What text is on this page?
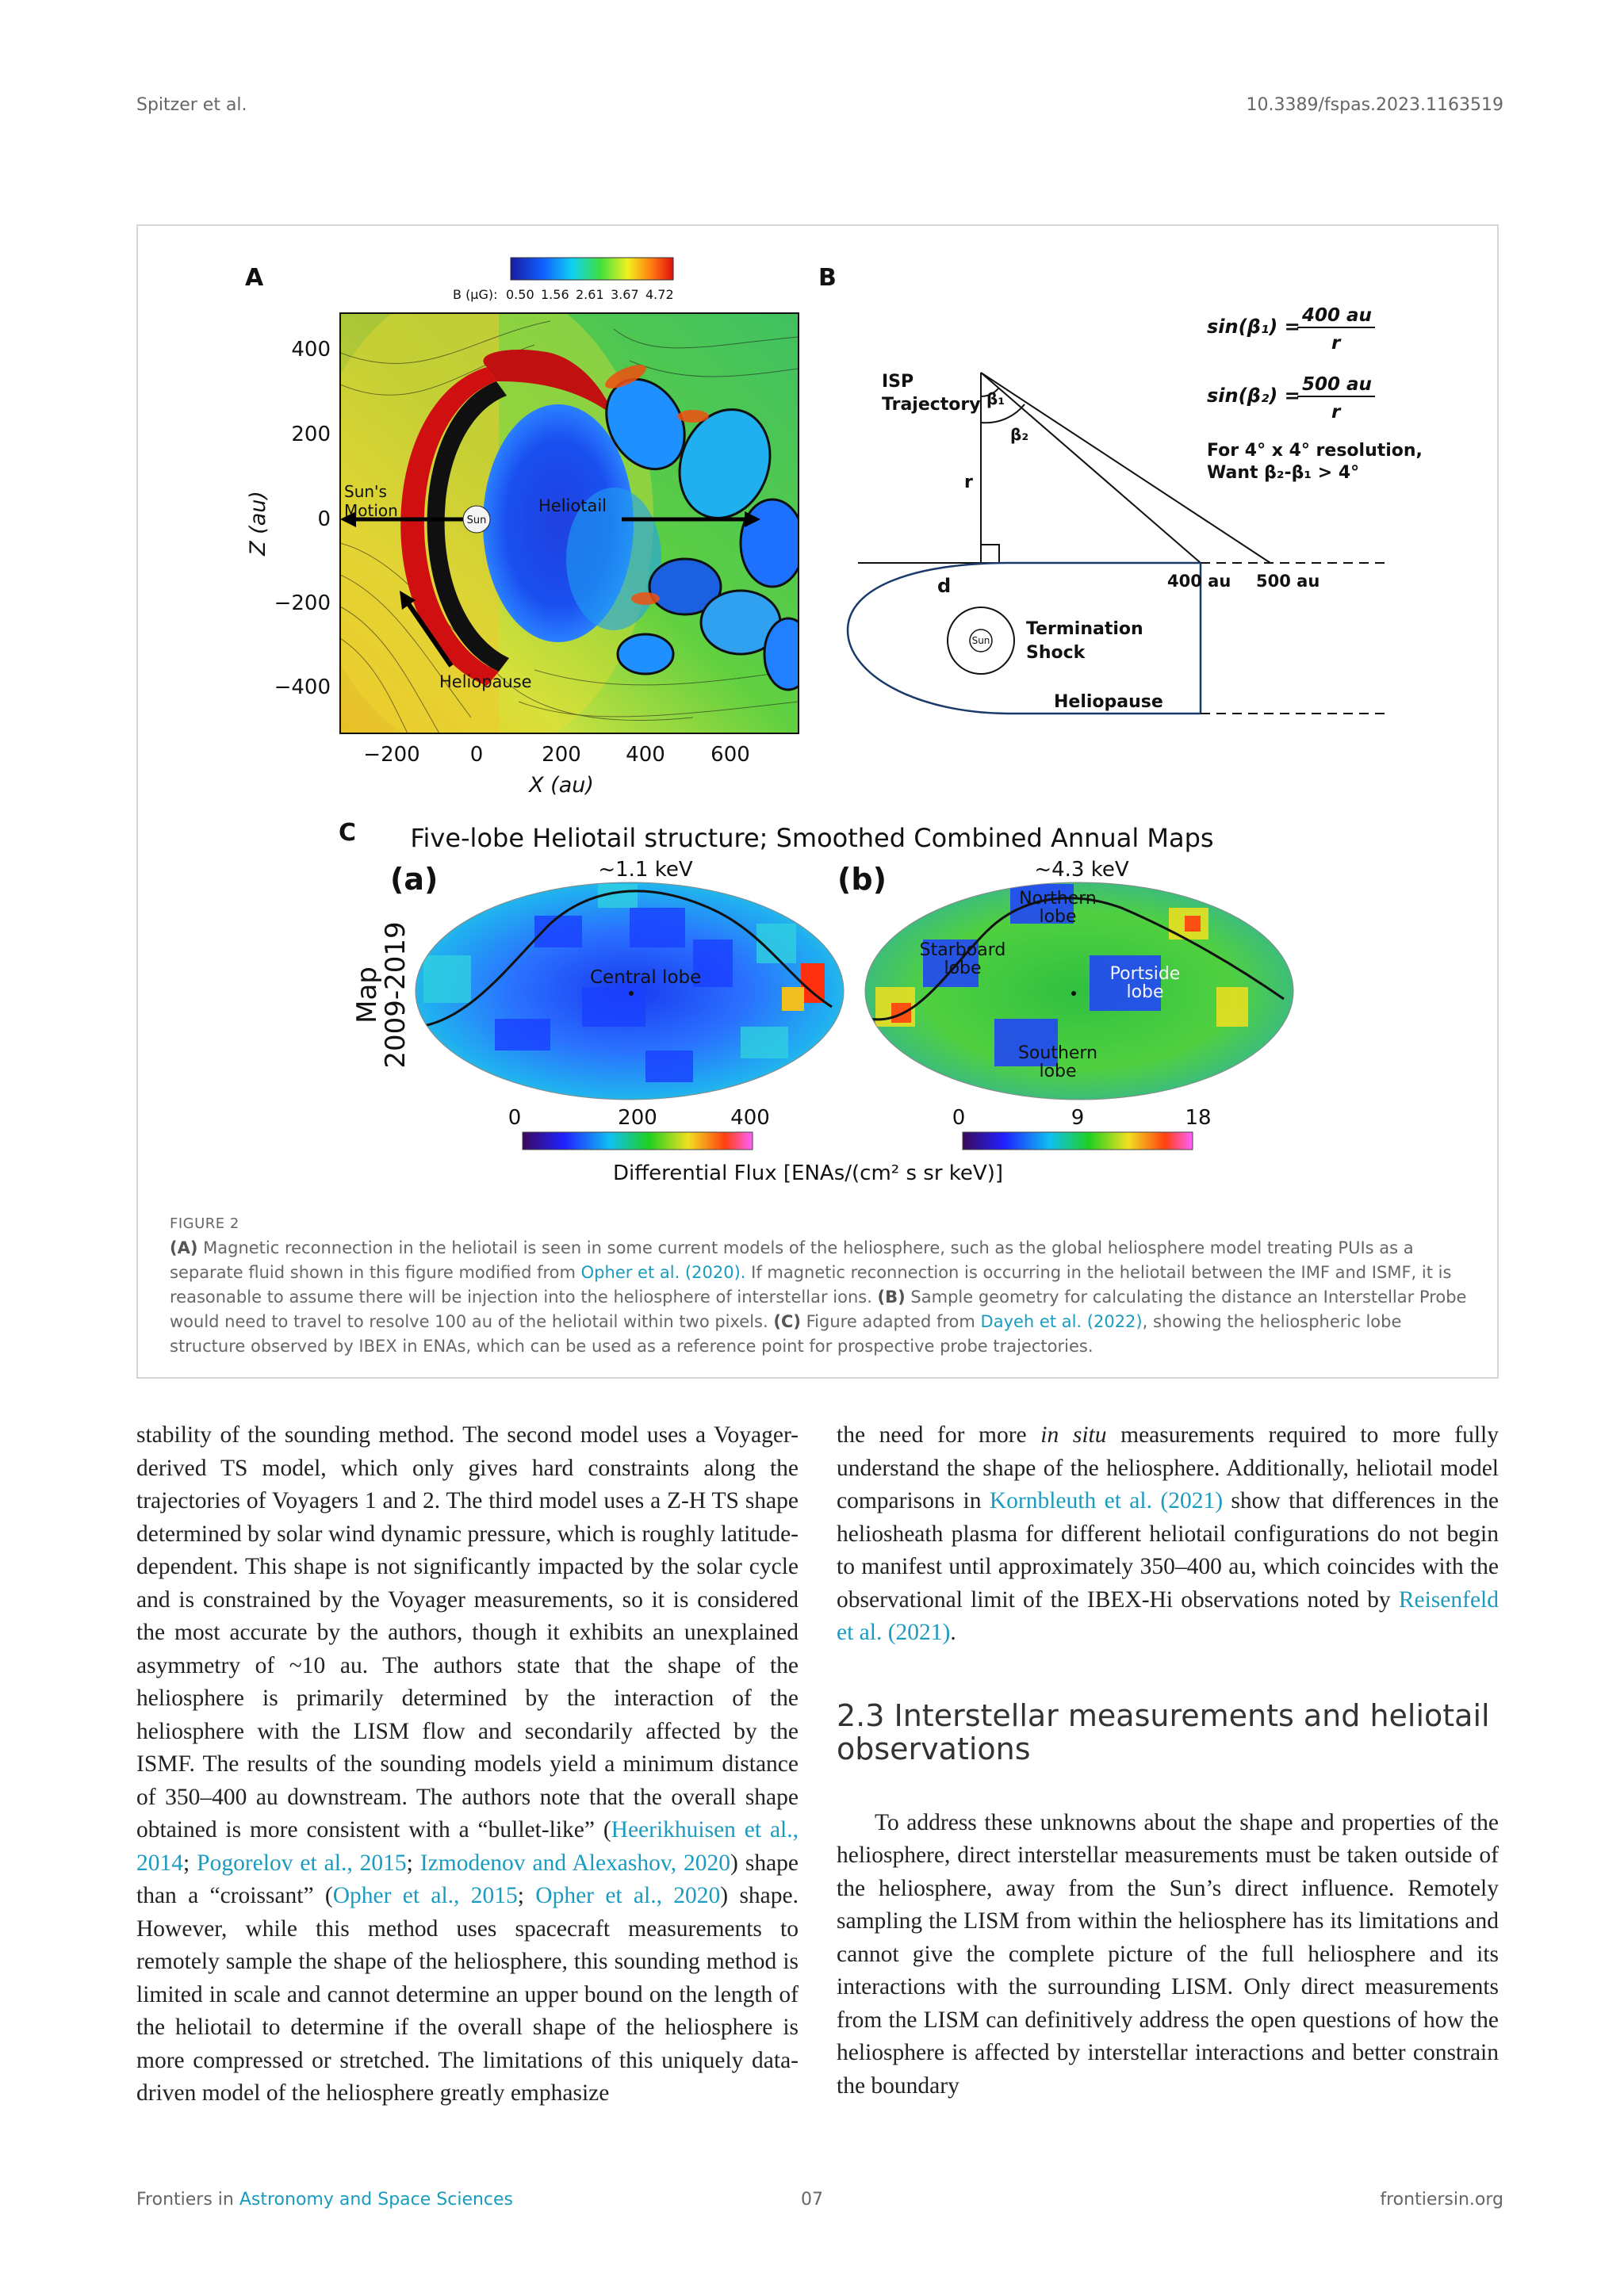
Spitzer et al.	10.3389/fspas.2023.1163519
A
B (μG): 0.50 1.56 2.61 3.67 4.72
Sun
Sun's
Motion	Heliotail
Heliopause
400
200
0
−200
−400
−200 0	200 400 600
X (au)
Z (au)
B
sin(β₁) = 400 au
r
sin(β₂) = 500 au
r
For 4° x 4° resolution,
Want β₂-β₁ > 4°
ISP
Trajectory β₁
β₂
r
d
Sun
Termination
Shock
Heliopause
400 au 500 au
C Five-lobe Heliotail structure; Smoothed Combined Annual Maps
Map
2009-2019
(a)	~1.1 keV
Central lobe
(b)	~4.3 keV
Northern
lobe
Starboard
lobe	Portside
lobe
Southern
lobe
0	200	400	0	9	18
Differential Flux [ENAs/(cm² s sr keV)]
FIGURE 2
(A) Magnetic reconnection in the heliotail is seen in some current models of the heliosphere, such as the global heliosphere model treating PUIs as a separate fluid shown in this figure modified from Opher et al. (2020). If magnetic reconnection is occurring in the heliotail between the IMF and ISMF, it is reasonable to assume there will be injection into the heliosphere of interstellar ions. (B) Sample geometry for calculating the distance an Interstellar Probe would need to travel to resolve 100 au of the heliotail within two pixels. (C) Figure adapted from Dayeh et al. (2022), showing the heliospheric lobe structure observed by IBEX in ENAs, which can be used as a reference point for prospective probe trajectories.

stability of the sounding method. The second model uses a Voyager-derived TS model, which only gives hard constraints along the trajectories of Voyagers 1 and 2. The third model uses a Z-H TS shape determined by solar wind dynamic pressure, which is roughly latitude-dependent. This shape is not significantly impacted by the solar cycle and is constrained by the Voyager measurements, so it is considered the most accurate by the authors, though it exhibits an unexplained asymmetry of ~10 au. The authors state that the shape of the heliosphere is primarily determined by the interaction of the heliosphere with the LISM flow and secondarily affected by the ISMF. The results of the sounding models yield a minimum distance of 350–400 au downstream. The authors note that the overall shape obtained is more consistent with a “bullet-like” (Heerikhuisen et al., 2014; Pogorelov et al., 2015; Izmodenov and Alexashov, 2020) shape than a “croissant” (Opher et al., 2015; Opher et al., 2020) shape. However, while this method uses spacecraft measurements to remotely sample the shape of the heliosphere, this sounding method is limited in scale and cannot determine an upper bound on the length of the heliotail to determine if the overall shape of the heliosphere is more compressed or stretched. The limitations of this uniquely data-driven model of the heliosphere greatly emphasize

the need for more in situ measurements required to more fully understand the shape of the heliosphere. Additionally, heliotail model comparisons in Kornbleuth et al. (2021) show that differences in the heliosheath plasma for different heliotail configurations do not begin to manifest until approximately 350–400 au, which coincides with the observational limit of the IBEX-Hi observations noted by Reisenfeld et al. (2021).

2.3 Interstellar measurements and heliotail observations

To address these unknowns about the shape and properties of the heliosphere, direct interstellar measurements must be taken outside of the heliosphere, away from the Sun’s direct influence. Remotely sampling the LISM from within the heliosphere has its limitations and cannot give the complete picture of the full heliosphere and its interactions with the surrounding LISM. Only direct measurements from the LISM can definitively address the open questions of how the heliosphere is affected by interstellar interactions and better constrain the boundary

Frontiers in Astronomy and Space Sciences	07	frontiersin.org
